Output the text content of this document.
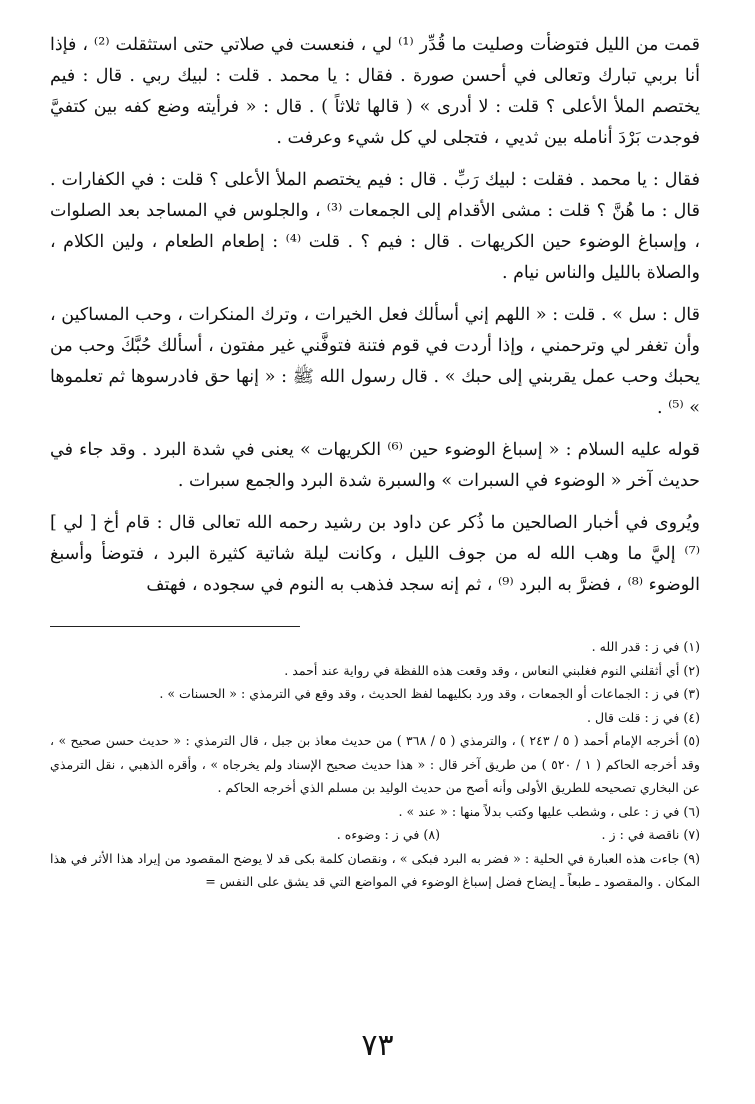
قمت من الليل فتوضأت وصليت ما قُدِّر ⁽¹⁾ لي ، فنعست في صلاتي حتى استثقلت ⁽²⁾ ، فإذا أنا بربي تبارك وتعالى في أحسن صورة . فقال : يا محمد . قلت : لبيك ربي . قال : فيم يختصم الملأ الأعلى ؟ قلت : لا أدرى » ( قالها ثلاثاً ) . قال : « فرأيته وضع كفه بين كتفيَّ فوجدت بَرْدَ أنامله بين ثديي ، فتجلى لي كل شيء وعرفت .

فقال : يا محمد . فقلت : لبيك رَبِّ . قال : فيم يختصم الملأ الأعلى ؟ قلت : في الكفارات . قال : ما هُنَّ ؟ قلت : مشى الأقدام إلى الجمعات ⁽³⁾ ، والجلوس في المساجد بعد الصلوات ، وإسباغ الوضوء حين الكريهات . قال : فيم ؟ . قلت ⁽⁴⁾ : إطعام الطعام ، ولين الكلام ، والصلاة بالليل والناس نيام .

قال : سل » . قلت : « اللهم إني أسألك فعل الخيرات ، وترك المنكرات ، وحب المساكين ، وأن تغفر لي وترحمني ، وإذا أردت في قوم فتنة فتوفَّني غير مفتون ، أسألك حُبَّكَ وحب من يحبك وحب عمل يقربني إلى حبك » . قال رسول الله ﷺ : « إنها حق فادرسوها ثم تعلموها » ⁽⁵⁾ .

قوله عليه السلام : « إسباغ الوضوء حين ⁽⁶⁾ الكريهات » يعنى في شدة البرد . وقد جاء في حديث آخر « الوضوء في السبرات » والسبرة شدة البرد والجمع سبرات .

ويُروى في أخبار الصالحين ما ذُكر عن داود بن رشيد رحمه الله تعالى قال : قام أخ [ لي ] ⁽⁷⁾ إليَّ ما وهب الله له من جوف الليل ، وكانت ليلة شاتية كثيرة البرد ، فتوضأ وأسبغ الوضوء ⁽⁸⁾ ، فضرَّ به البرد ⁽⁹⁾ ، ثم إنه سجد فذهب به النوم في سجوده ، فهتف

(١) في ز : قدر الله .

(٢) أي أثقلني النوم فغلبني النعاس ، وقد وقعت هذه اللفظة في رواية عند أحمد .

(٣) في ز : الجماعات أو الجمعات ، وقد ورد بكليهما لفظ الحديث ، وقد وقع في الترمذي : « الحسنات » .

(٤) في ز : قلت قال .

(٥) أخرجه الإمام أحمد ( ٥ / ٢٤٣ ) ، والترمذي ( ٥ / ٣٦٨ ) من حديث معاذ بن جبل ، قال الترمذي : « حديث حسن صحيح » ، وقد أخرجه الحاكم ( ١ / ٥٢٠ ) من طريق آخر قال : « هذا حديث صحيح الإسناد ولم يخرجاه » ، وأقره الذهبي ، نقل الترمذي عن البخاري تصحيحه للطريق الأولى وأنه أصح من حديث الوليد بن مسلم الذي أخرجه الحاكم .

(٦) في ز : على ، وشطب عليها وكتب بدلاً منها : « عند » .

(٧) ناقصة في : ز .

(٨) في ز : وضوءه .

(٩) جاءت هذه العبارة في الحلية : « فضر به البرد فبكى » ، ونقصان كلمة بكى قد لا يوضح المقصود من إيراد هذا الأثر في هذا المكان . والمقصود ـ طبعاً ـ إيضاح فضل إسباغ الوضوء في المواضع التي قد يشق على النفس =

٧٣
